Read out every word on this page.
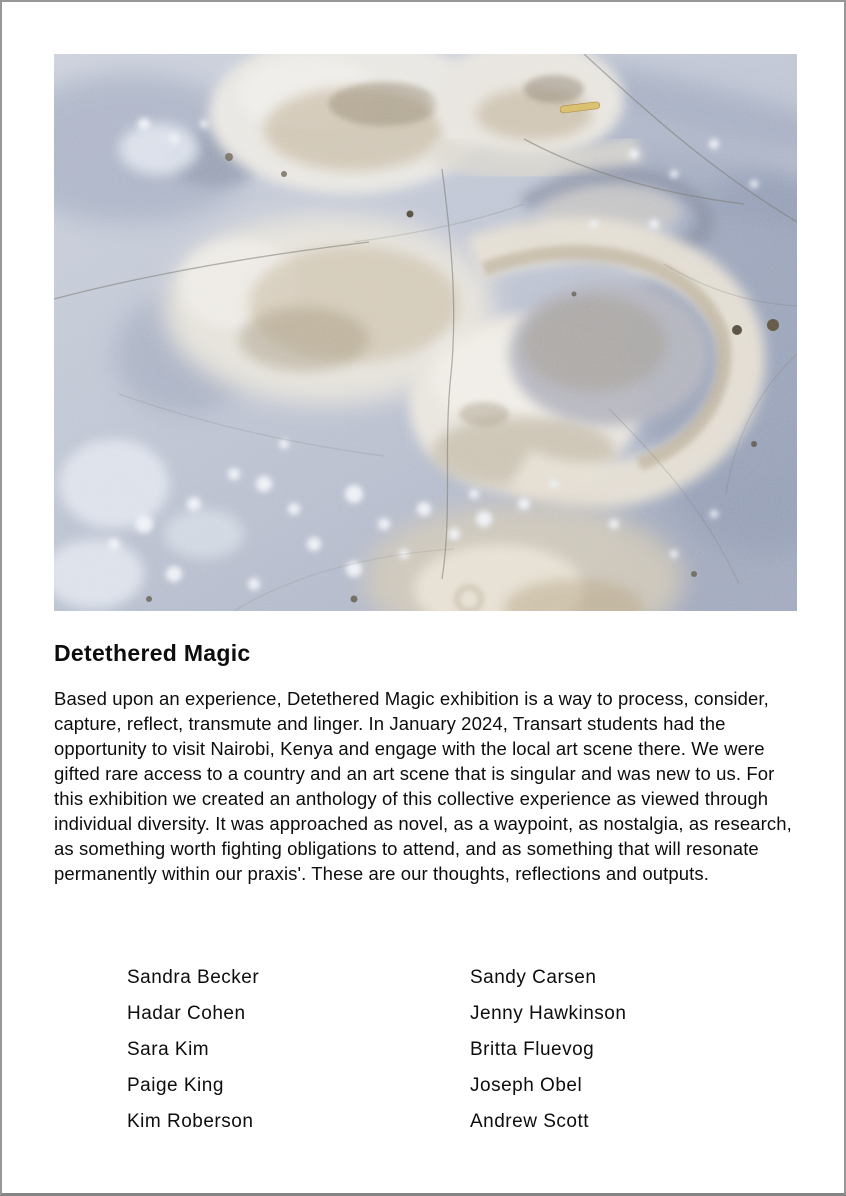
Detethered Magic

Based upon an experience, Detethered Magic exhibition is a way to process, consider, capture, reflect, transmute and linger. In January 2024, Transart students had the opportunity to visit Nairobi, Kenya and engage with the local art scene there. We were gifted rare access to a country and an art scene that is singular and was new to us. For this exhibition we created an anthology of this collective experience as viewed through individual diversity. It was approached as novel, as a waypoint, as nostalgia, as research, as something worth fighting obligations to attend, and as something that will resonate permanently within our praxis'. These are our thoughts, reflections and outputs.

Sandra Becker	Sandy Carsen
Hadar Cohen	Jenny Hawkinson
Sara Kim	Britta Fluevog
Paige King	Joseph Obel
Kim Roberson	Andrew Scott
